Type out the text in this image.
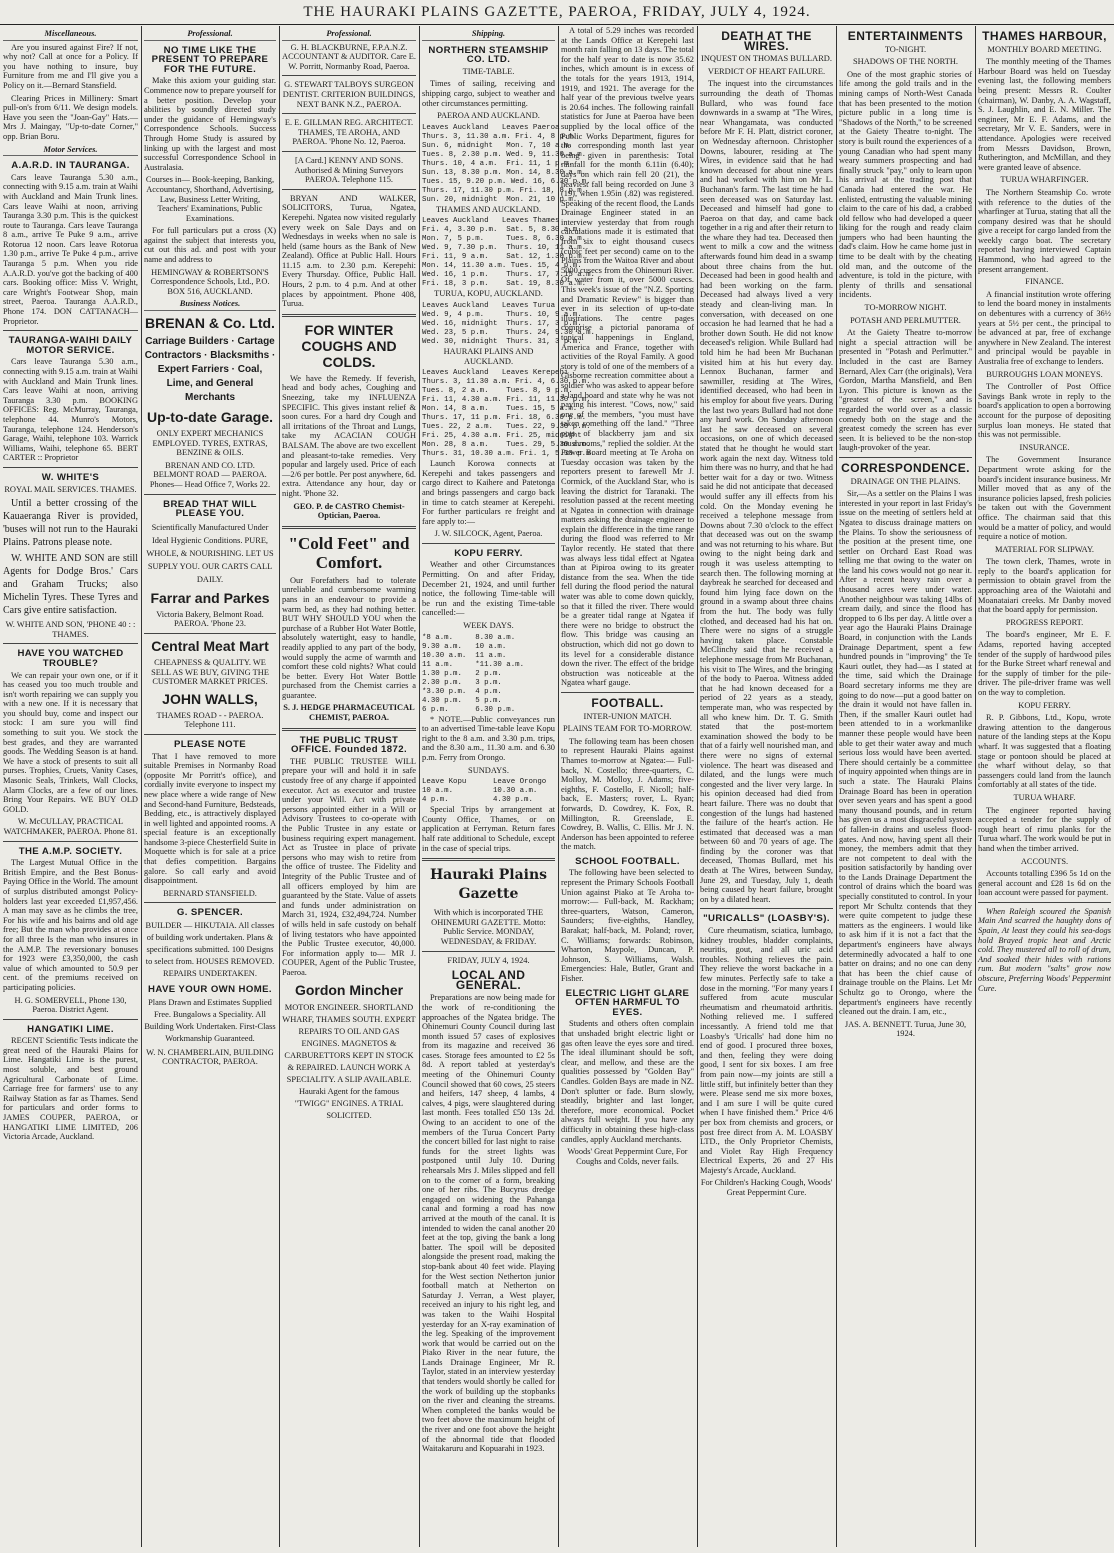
THE HAURAKI PLAINS GAZETTE, PAEROA, FRIDAY, JULY 4, 1924.
Miscellaneous.

Are you insured against Fire? If not, why not? Call at once for a Policy. If you have nothing to insure, buy Furniture from me and I'll give you a Policy on it.—Bernard Stansfield.

Clearing Prices in Millinery: Smart pull-on's from 6/11. We design models. Have you seen the "Joan-Gay" Hats.—Mrs J. Maingay, "Up-to-date Corner," opp. Brian Boru.

Motor Services.
A.A.R.D. IN TAURANGA.

Cars leave Tauranga 5.30 a.m., connecting with 9.15 a.m. train at Waihi with Auckland and Main Trunk lines. Cars leave Waihi at noon, arriving Tauranga 3.30 p.m. This is the quickest route to Tauranga. Cars leave Tauranga 8 a.m., arrive Te Puke 9 a.m., arrive Rotorua 12 noon. Cars leave Rotorua 1.30 p.m., arrive Te Puke 4 p.m., arrive Tauranga 5 p.m. When you ride A.A.R.D. you've got the backing of 400 cars. Booking office: Miss V. Wright, care Wright's Footwear Shop, main street, Paeroa. Tauranga A.A.R.D., Phone 174. DON CATTANACH—Proprietor.

TAURANGA-WAIHI DAILY MOTOR SERVICE.

Cars leave Tauranga 5.30 a.m., connecting with 9.15 a.m. train at Waihi with Auckland and Main Trunk lines. Cars leave Waihi at noon, arriving Tauranga 3.30 p.m. BOOKING OFFICES: Reg. McMurray, Tauranga, telephone 44. Munro's Motors, Tauranga, telephone 124. Henderson's Garage, Waihi, telephone 103. Warrick Williams, Waihi, telephone 65. BERT CARTER :: Proprietor

W. WHITE'S

ROYAL MAIL SERVICES. THAMES.

Until a better crossing of the Kauaeranga River is provided, 'buses will not run to the Hauraki Plains. Patrons please note.

W. WHITE AND SON are still Agents for Dodge Bros.' Cars and Graham Trucks; also Michelin Tyres. These Tyres and Cars give entire satisfaction.

W. WHITE AND SON, 'PHONE 40 : : THAMES.

HAVE YOU WATCHED TROUBLE?

We can repair your own one, or if it has ceased you too much trouble and isn't worth repairing we can supply you with a new one. If it is necessary that you should buy, come and inspect our stock: I am sure you will find something to suit you. We stock the best grades, and they are warranted goods. The Wedding Season is at hand. We have a stock of presents to suit all purses. Trophies, Cruets, Vanity Cases, Masonic Seals, Trinkets, Wall Clocks, Alarm Clocks, are a few of our lines. Bring Your Repairs. WE BUY OLD GOLD.

W. McCULLAY, PRACTICAL WATCHMAKER, PAEROA. Phone 81.

THE A.M.P. SOCIETY.

The Largest Mutual Office in the British Empire, and the Best Bonus-Paying Office in the World. The amount of surplus distributed amongst Policy-holders last year exceeded £1,957,456. A man may save as he climbs the tree, For his wife and his bairns and old age free; But the man who provides at once for all three Is the man who insures in the A.M.P. The reversionary bonuses for 1923 were £3,350,000, the cash value of which amounted to 50.9 per cent. of the premiums received on participating policies.

H. G. SOMERVELL, Phone 130, Paeroa. District Agent.

HANGATIKI LIME.

RECENT Scientific Tests indicate the great need of the Hauraki Plains for Lime. Hangatiki Lime is the purest, most soluble, and best ground Agricultural Carbonate of Lime. Carriage free for farmers' use to any Railway Station as far as Thames. Send for particulars and order forms to JAMES COUPER, PAEROA, or HANGATIKI LIME LIMITED, 206 Victoria Arcade, Auckland.

Professional.
NO TIME LIKE THE PRESENT TO PREPARE FOR THE FUTURE.

Make this axiom your guiding star. Commence now to prepare yourself for a better position. Develop your abilities by soundly directed study under the guidance of Hemingway's Correspondence Schools. Success Through Home Study is assured by linking up with the largest and most successful Correspondence School in Australasia.

Courses in— Book-keeping, Banking, Accountancy, Shorthand, Advertising, Law, Business Letter Writing, Teachers' Examinations, Public Examinations.

For full particulars put a cross (X) against the subject that interests you, cut out this ad. and post with your name and address to

HEMINGWAY & ROBERTSON'S Correspondence Schools, Ltd., P.O. BOX 516, AUCKLAND.

Business Notices.
BRENAN & Co. Ltd.

Carriage Builders · Cartage Contractors · Blacksmiths · Expert Farriers · Coal, Lime, and General Merchants

Up-to-date Garage.

ONLY EXPERT MECHANICS EMPLOYED. TYRES, EXTRAS, BENZINE & OILS.

BRENAN AND CO. LTD. BELMONT ROAD — PAEROA. Phones— Head Office 7, Works 22.

BREAD THAT WILL PLEASE YOU.

Scientifically Manufactured Under Ideal Hygienic Conditions. PURE, WHOLE, & NOURISHING. LET US SUPPLY YOU. OUR CARTS CALL DAILY.

Farrar and Parkes

Victoria Bakery, Belmont Road. PAEROA. 'Phone 23.

Central Meat Mart

CHEAPNESS & QUALITY. WE SELL AS WE BUY, GIVING THE CUSTOMER MARKET PRICES.

JOHN WALLS,

THAMES ROAD - - PAEROA. Telephone 111.

PLEASE NOTE

That I have removed to more suitable Premises in Normanby Road (opposite Mr Porritt's office), and cordially invite everyone to inspect my new place where a wide range of New and Second-hand Furniture, Bedsteads, Bedding, etc., is attractively displayed in well lighted and appointed rooms. A special feature is an exceptionally handsome 3-piece Chesterfield Suite in Moquette which is for sale at a price that defies competition. Bargains galore. So call early and avoid disappointment.

BERNARD STANSFIELD.

G. SPENCER.

BUILDER — HIKUTAIA. All classes of building work undertaken. Plans & specifications submitted. 100 Designs to select from. HOUSES REMOVED. REPAIRS UNDERTAKEN.

HAVE YOUR OWN HOME.

Plans Drawn and Estimates Supplied Free. Bungalows a Speciality. All Building Work Undertaken. First-Class Workmanship Guaranteed.

W. N. CHAMBERLAIN, BUILDING CONTRACTOR, PAEROA.

Professional.

G. H. BLACKBURNE, F.P.A.N.Z. ACCOUNTANT & AUDITOR. Care E. W. Porritt, Normanby Road, Paeroa.

G. STEWART TALBOYS SURGEON DENTIST. CRITERION BUILDINGS, NEXT BANK N.Z., PAEROA.

E. E. GILLMAN REG. ARCHITECT. THAMES, TE AROHA, AND PAEROA. 'Phone No. 12, Paeroa.

[A Card.] KENNY AND SONS. Authorised & Mining Surveyors PAEROA. Telephone 115.

BRYAN AND WALKER, SOLICITORS, Turua, Ngatea, Kerepehi. Ngatea now visited regularly every week on Sale Days and on Wednesdays in weeks when no sale is held (same hours as the Bank of New Zealand). Office at Public Hall. Hours 11.15 a.m. to 2.30 p.m. Kerepehi: Every Thursday. Office, Public Hall. Hours, 2 p.m. to 4 p.m. And at other places by appointment. Phone 408, Turua.

FOR WINTER COUGHS AND COLDS.

We have the Remedy. If feverish, head and body aches, Coughing and Sneezing, take my INFLUENZA SPECIFIC. This gives instant relief & soon cures. For a hard dry Cough and all irritations of the Throat and Lungs, take my ACACIAN COUGH BALSAM. The above are two excellent and pleasant-to-take remedies. Very popular and largely used. Price of each—2/6 per bottle. Per post anywhere, 6d. extra. Attendance any hour, day or night. 'Phone 32.

GEO. P. de CASTRO Chemist-Optician, Paeroa.

"Cold Feet" and Comfort.

Our Forefathers had to tolerate unreliable and cumbersome warming pans in an endeavour to provide a warm bed, as they had nothing better. BUT WHY SHOULD YOU when the purchase of a Rubber Hot Water Bottle, absolutely watertight, easy to handle, readily applied to any part of the body, would supply the acme of warmth and comfort these cold nights? What could be better. Every Hot Water Bottle purchased from the Chemist carries a guarantee.

S. J. HEDGE PHARMACEUTICAL CHEMIST, PAEROA.

THE PUBLIC TRUST OFFICE. Founded 1872.

THE PUBLIC TRUSTEE WILL prepare your will and hold it in safe custody free of any charge if appointed executor. Act as executor and trustee under your Will. Act with private persons appointed either in a Will or Advisory Trustees to co-operate with the Public Trustee in any estate or business requiring expert management. Act as Trustee in place of private persons who may wish to retire from the office of trustee. The Fidelity and Integrity of the Public Trustee and of all officers employed by him are guaranteed by the State. Value of assets and funds under administration on March 31, 1924, £32,494,724. Number of wills held in safe custody on behalf of living testators who have appointed the Public Trustee executor, 40,000. For information apply to— MR J. COUPER, Agent of the Public Trustee, Paeroa.

Gordon Mincher

MOTOR ENGINEER. SHORTLAND WHARF, THAMES SOUTH. EXPERT REPAIRS TO OIL AND GAS ENGINES. MAGNETOS & CARBURETTORS KEPT IN STOCK & REPAIRED. LAUNCH WORK A SPECIALITY. A SLIP AVAILABLE. Hauraki Agent for the famous "TWIGG" ENGINES. A TRIAL SOLICITED.

Shipping.
NORTHERN STEAMSHIP CO. LTD.

TIME-TABLE.

Times of sailing, receiving and shipping cargo, subject to weather and other circumstances permitting.

PAEROA AND AUCKLAND.

Leaves Auckland   Leaves Paeroa
Thurs. 3, 11.30 a.m. Fri. 4, 8 p.m.
Sun. 6, midnight   Mon. 7, 10 a.m.
Tues. 8, 2.30 p.m. Wed. 9, 11.30 a.m.
Thurs. 10, 4 a.m.  Fri. 11, 1 p.m.
Sun. 13, 8.30 p.m. Mon. 14, 8.30 a.m.
Tues. 15, 9.20 p.m. Wed. 16, 6.30 p.m.
Thurs. 17, 11.30 p.m. Fri. 18, 8 p.m.
Sun. 20, midnight  Mon. 21, 10 p.m.

THAMES AND AUCKLAND.

Leaves Auckland   Leaves Thames
Fri. 4, 3.30 p.m.  Sat. 5, 8.30 a.m.
Mon. 7, 5 p.m.     Tues. 8, 6.30 a.m.
Wed. 9, 7.30 p.m.  Thurs. 10, 11 a.m.
Fri. 11, 9 a.m.    Sat. 12, 1.30 p.m.
Mon. 14, 11.30 a.m. Tues. 15, 4 p.m.
Wed. 16, 1 p.m.    Thurs. 17, 7.15 a.m.
Fri. 18, 3 p.m.    Sat. 19, 8.30 a.m.

TURUA, KOPU, AUCKLAND.

Leaves Auckland   Leaves Turua
Wed. 9, 4 p.m.     Thurs. 10, 9 a.m.
Wed. 16, midnight  Thurs. 17, 3 p.m.
Wed. 23, 5 p.m.    Thurs. 24, 9.30 a.m.
Wed. 30, midnight  Thurs. 31, 3 p.m.

HAURAKI PLAINS AND AUCKLAND.

Leaves Auckland   Leaves Kerepehi
Thurs. 3, 11.30 a.m. Fri. 4, 6.30 p.m.
Tues. 8, 2 a.m.    Tues. 8, 9 p.m.
Fri. 11, 4.30 a.m. Fri. 11, 11.30 p.m.
Mon. 14, 8 a.m.    Tues. 15, 5 a.m.
Thurs. 17, 11 p.m. Fri. 18, 6.30 p.m.
Tues. 22, 2 a.m.   Tues. 22, 9.30 p.m.
Fri. 25, 4.30 a.m. Fri. 25, midnight
Mon. 28, 8 a.m.    Tues. 29, 5.30 a.m.
Thurs. 31, 10.30 a.m. Fri. 1, 5.30 p.m.

Launch Korowa connects at Kerepehi and takes passengers and cargo direct to Kaihere and Patetonga and brings passengers and cargo back in time to catch steamer at Kerepehi. For further particulars re freight and fare apply to:—

J. W. SILCOCK, Agent, Paeroa.

KOPU FERRY.

Weather and other Circumstances Permitting. On and after Friday, December 21, 1924, and until further notice, the following Time-table will be run and the existing Time-table cancelled:—

WEEK DAYS.

*8 a.m.     8.30 a.m.
9.30 a.m.   10 a.m.
10.30 a.m.  11 a.m.
11 a.m.     *11.30 a.m.
1.30 p.m.   2 p.m.
2.30 p.m.   3 p.m.
*3.30 p.m.  4 p.m.
4.30 p.m.   5 p.m.
6 p.m.      6.30 p.m.

* NOTE.—Public conveyances run to an advertised Time-table leave Kopu right to the 8 a.m. and 3.30 p.m. trips, and the 8.30 a.m., 11.30 a.m. and 6.30 p.m. Ferry from Orongo.

SUNDAYS.

Leave Kopu      Leave Orongo
10 a.m.         10.30 a.m.
4 p.m.          4.30 p.m.

Special Trips by arrangement at County Office, Thames, or on application at Ferryman. Return fares half rate additional to Schedule, except in the case of special trips.

Hauraki Plains Gazette

With which is incorporated THE OHINEMURI GAZETTE. Motto: Public Service. MONDAY, WEDNESDAY, & FRIDAY.

FRIDAY, JULY 4, 1924.

LOCAL AND GENERAL.

Preparations are now being made for the work of re-conditioning the approaches of the Ngatea bridge. The Ohinemuri County Council during last month issued 57 cases of explosives from its magazine and received 36 cases. Storage fees amounted to £2 5s 8d. A report tabled at yesterday's meeting of the Ohinemuri County Council showed that 60 cows, 25 steers and heifers, 147 sheep, 4 lambs, 4 calves, 4 pigs, were slaughtered during last month. Fees totalled £50 13s 2d. Owing to an accident to one of the members of the Turua Concert Party the concert billed for last night to raise funds for the street lights was postponed until July 10. During rehearsals Mrs J. Miles slipped and fell on to the corner of a form, breaking one of her ribs. The Bucyrus dredge engaged on widening the Pahanga canal and forming a road has now arrived at the mouth of the canal. It is intended to widen the canal another 20 feet at the top, giving the bank a long batter. The spoil will be deposited alongside the present road, making the stop-bank about 40 feet wide. Playing for the West section Netherton junior football match at Netherton on Saturday J. Verran, a West player, received an injury to his right leg, and was taken to the Waihi Hospital yesterday for an X-ray examination of the leg. Speaking of the improvement work that would be carried out on the Piako River in the near future, the Lands Drainage Engineer, Mr R. Taylor, stated in an interview yesterday that tenders would shortly be called for the work of building up the stopbanks on the river and cleaning the streams. When completed the banks would be two feet above the maximum height of the river and one foot above the height of the abnormal tide that flooded Waitakaruru and Kopuarahi in 1923.

A total of 5.29 inches was recorded at the Lands Office at Kerepehi last month rain falling on 13 days. The total for the half year to date is now 35.62 inches, which amount is in excess of the totals for the years 1913, 1914, 1919, and 1921. The average for the half year of the previous twelve years is 20.64 inches. The following rainfall statistics for June at Paeroa have been supplied by the local office of the Public Works Department, figures for the corresponding month last year being given in parenthesis: Total rainfall for the month 6.11in (6.40); days on which rain fell 20 (21), the heaviest fall being recorded on June 3 (19), when 1.95in (.82) was registered. Speaking of the recent flood, the Lands Drainage Engineer stated in an interview yesterday that from rough calculations made it is estimated that from six to eight thousand cusecs (cubic feet per second) came on to the Plains from the Waitoa River and about 5000 cusecs from the Ohinemuri River. Of water from it, over 5000 cusecs. This week's issue of the "N.Z. Sporting and Dramatic Review" is bigger than ever in its selection of up-to-date illustrations. The centre pages comprise a pictorial panorama of topical happenings in England, America and France, together with activities of the Royal Family. A good story is told of one of the members of a Gisborne recreation committee about a soldier who was asked to appear before a land board and state why he was not paying his interest. "Cows, now," said one of the members, "you must have taken something off the land." "Three pots of blackberry jam and six mushrooms," replied the soldier. At the Power Board meeting at Te Aroha on Tuesday occasion was taken by the reporters present to farewell Mr J. Cormick, of the Auckland Star, who is leaving the district for Taranaki. The resolution passed at the recent meeting at Ngatea in connection with drainage matters asking the drainage engineer to explain the difference in the time range during the flood was referred to Mr Taylor recently. He stated that there was always less tidal effect at Ngatea than at Pipiroa owing to its greater distance from the sea. When the tide fell during the flood period the natural water was able to come down quickly, so that it filled the river. There would be a greater tidal range at Ngatea if there were no bridge to obstruct the flow. This bridge was causing an obstruction, which did not go down to its level for a considerable distance down the river. The effect of the bridge obstruction was noticeable at the Ngatea wharf gauge.

FOOTBALL.

INTER-UNION MATCH.

PLAINS TEAM FOR TO-MORROW.

The following team has been chosen to represent Hauraki Plains against Thames to-morrow at Ngatea:— Full-back, N. Costello; three-quarters, C. Molloy, M. Molloy, J. Adams; five-eighths, F. Costello, F. Nicoll; half-back, E. Masters; rover, L. Ryan; forwards, D. Cowdrey, K. Fox, R. Millington, R. Greenslade, E. Cowdrey, B. Wallis, C. Ellis. Mr J. N. Anderson has been appointed to referee the match.

SCHOOL FOOTBALL.

The following have been selected to represent the Primary Schools Football Union against Piako at Te Aroha to-morrow:— Full-back, M. Rackham; three-quarters, Watson, Cameron, Saunders; five-eighths, Handley, Barakat; half-back, M. Poland; rover, C. Williams; forwards: Robinson, Wharton, Maypole, Duncan, P. Johnson, S. Williams, Walsh. Emergencies: Hale, Butler, Grant and Fisher.

ELECTRIC LIGHT GLARE OFTEN HARMFUL TO EYES.

Students and others often complain that unshaded bright electric light or gas often leave the eyes sore and tired. The ideal illuminant should be soft, clear, and mellow, and these are the qualities possessed by "Golden Bay" Candles. Golden Bays are made in NZ. Don't splutter or fade. Burn slowly, steadily, brighter and last longer, therefore, more economical. Pocket always full weight. If you have any difficulty in obtaining these high-class candles, apply Auckland merchants.

Woods' Great Peppermint Cure, For Coughs and Colds, never fails.

DEATH AT THE WIRES.

INQUEST ON THOMAS BULLARD.

VERDICT OF HEART FAILURE.

The inquest into the circumstances surrounding the death of Thomas Bullard, who was found face downwards in a swamp at "The Wires, near Whangamata, was conducted before Mr F. H. Platt, district coroner, on Wednesday afternoon. Christopher Downs, labourer, residing at The Wires, in evidence said that he had known deceased for about nine years and had worked with him on Mr L. Buchanan's farm. The last time he had seen deceased was on Saturday last. Deceased and himself had gone to Paeroa on that day, and came back together in a rig and after their return to the whare they had tea. Deceased then went to milk a cow and the witness afterwards found him dead in a swamp about three chains from the hut. Deceased had been in good health and had been working on the farm. Deceased had always lived a very steady and clean-living man. In conversation, with deceased on one occasion he had learned that he had a brother down South. He did not know deceased's religion. While Bullard had told him he had been Mr Buchanan visited him at his hut every day. Lennox Buchanan, farmer and sawmiller, residing at The Wires, identified deceased, who had been in his employ for about five years. During the last two years Bullard had not done any hard work. On Sunday afternoon last he saw deceased on several occasions, on one of which deceased stated that he thought he would start work again the next day. Witness told him there was no hurry, and that he had better wait for a day or two. Witness said he did not anticipate that deceased would suffer any ill effects from his cold. On the Monday evening he received a telephone message from Downs about 7.30 o'clock to the effect that deceased was out on the swamp and was not returning to his whare. But owing to the night being dark and rough it was useless attempting to search then. The following morning at daybreak he searched for deceased and found him lying face down on the ground in a swamp about three chains from the hut. The body was fully clothed, and deceased had his hat on. There were no signs of a struggle having taken place. Constable McClinchy said that he received a telephone message from Mr Buchanan, his visit to The Wires, and the bringing of the body to Paeroa. Witness added that he had known deceased for a period of 22 years as a steady, temperate man, who was respected by all who knew him. Dr. T. G. Smith stated that the post-mortem examination showed the body to be that of a fairly well nourished man, and there were no signs of external violence. The heart was diseased and dilated, and the lungs were much congested and the liver very large. In his opinion deceased had died from heart failure. There was no doubt that congestion of the lungs had hastened the failure of the heart's action. He estimated that deceased was a man between 60 and 70 years of age. The finding by the coroner was that deceased, Thomas Bullard, met his death at The Wires, between Sunday, June 29, and Tuesday, July 1, death being caused by heart failure, brought on by a dilated heart.

"URICALLS" (LOASBY'S).

Cure rheumatism, sciatica, lumbago, kidney troubles, bladder complaints, neuritis, gout, and all uric acid troubles. Nothing relieves the pain. They relieve the worst backache in a few minutes. Perfectly safe to take a dose in the morning. "For many years I suffered from acute muscular rheumatism and rheumatoid arthritis. Nothing relieved me. I suffered incessantly. A friend told me that Loasby's 'Uricalls' had done him no end of good. I procured three boxes, and then, feeling they were doing good, I sent for six boxes. I am free from pain now—my joints are still a little stiff, but infinitely better than they were. Please send me six more boxes, and I am sure I will be quite cured when I have finished them." Price 4/6 per box from chemists and grocers, or post free direct from A. M. LOASBY LTD., the Only Proprietor Chemists, and Violet Ray High Frequency Electrical Experts, 26 and 27 His Majesty's Arcade, Auckland.

For Children's Hacking Cough, Woods' Great Peppermint Cure.

ENTERTAINMENTS

TO-NIGHT.

SHADOWS OF THE NORTH.

One of the most graphic stories of life among the gold trails and in the mining camps of North-West Canada that has been presented to the motion picture public in a long time is "Shadows of the North," to be screened at the Gaiety Theatre to-night. The story is built round the experiences of a young Canadian who had spent many weary summers prospecting and had finally struck "pay," only to learn upon his arrival at the trading post that Canada had entered the war. He enlisted, entrusting the valuable mining claim to the care of his dad, a crabbed old fellow who had developed a queer liking for the rough and ready claim jumpers who had been haunting the dad's claim. How he came home just in time to be dealt with by the cheating old man, and the outcome of the adventure, is told in the picture, with plenty of thrills and sensational incidents.

TO-MORROW NIGHT.

POTASH AND PERLMUTTER.

At the Gaiety Theatre to-morrow night a special attraction will be presented in "Potash and Perlmutter." Included in the cast are Barney Bernard, Alex Carr (the originals), Vera Gordon, Martha Mansfield, and Ben Lyon. This picture is known as the "greatest of the screen," and is regarded the world over as a classic comedy both on the stage and the greatest comedy the screen has ever seen. It is believed to be the non-stop laugh-provoker of the year.

CORRESPONDENCE.

DRAINAGE ON THE PLAINS.

Sir,—As a settler on the Plains I was interested in your report in last Friday's issue on the meeting of settlers held at Ngatea to discuss drainage matters on the Plains. To show the seriousness of the position at the present time, one settler on Orchard East Road was telling me that owing to the water on the land his cows would not go near it. After a recent heavy rain over a thousand acres were under water. Another neighbour was taking 14lbs of cream daily, and since the flood has dropped to 6 lbs per day. A little over a year ago the Hauraki Plains Drainage Board, in conjunction with the Lands Drainage Department, spent a few hundred pounds in "improving" the Te Kauri outlet, they had—as I stated at the time, said which the Drainage Board secretary informs me they are going to do now—put a good batter on the drain it would not have fallen in. Then, if the smaller Kauri outlet had been attended to in a workmanlike manner these people would have been able to get their water away and much serious loss would have been averted. There should certainly be a committee of inquiry appointed when things are in such a state. The Hauraki Plains Drainage Board has been in operation over seven years and has spent a good many thousand pounds, and in return has given us a most disgraceful system of fallen-in drains and useless flood-gates. And now, having spent all their money, the members admit that they are not competent to deal with the position satisfactorily by handing over to the Lands Drainage Department the control of drains which the board was specially constituted to control. In your report Mr Schultz contends that they were quite competent to judge these matters as the engineers. I would like to ask him if it is not a fact that the department's engineers have always determinedly advocated a half to one batter on drains; and no one can deny that has been the chief cause of drainage trouble on the Plains. Let Mr Schultz go to Orongo, where the department's engineers have recently cleaned out the drain. I am, etc.,

JAS. A. BENNETT. Turua, June 30, 1924.

THAMES HARBOUR,

MONTHLY BOARD MEETING.

The monthly meeting of the Thames Harbour Board was held on Tuesday evening last, the following members being present: Messrs R. Coulter (chairman), W. Danby, A. A. Wagstaff, S. J. Laughlin, and E. N. Miller. The engineer, Mr E. F. Adams, and the secretary, Mr V. E. Sanders, were in attendance. Apologies were received from Messrs Davidson, Brown, Rutherington, and McMillan, and they were granted leave of absence.

TURUA WHARFINGER.

The Northern Steamship Co. wrote with reference to the duties of the wharfinger at Turua, stating that all the company desired was that he should give a receipt for cargo landed from the weekly cargo boat. The secretary reported having interviewed Captain Hammond, who had agreed to the present arrangement.

FINANCE.

A financial institution wrote offering to lend the board money in instalments on debentures with a currency of 36½ years at 5½ per cent., the principal to be advanced at par, free of exchange anywhere in New Zealand. The interest and principal would be payable in Australia free of exchange to lenders.

BURROUGHS LOAN MONEYS.

The Controller of Post Office Savings Bank wrote in reply to the board's application to open a borrowing account for the purpose of depositing surplus loan moneys. He stated that this was not permissible.

INSURANCE.

The Government Insurance Department wrote asking for the board's incident insurance business. Mr Miller moved that as any of the insurance policies lapsed, fresh policies be taken out with the Government office. The chairman said that this would be a matter of policy, and would require a notice of motion.

MATERIAL FOR SLIPWAY.

The town clerk, Thames, wrote in reply to the board's application for permission to obtain gravel from the approaching area of the Waiotahi and Moanataiari creeks. Mr Danby moved that the board apply for permission.

PROGRESS REPORT.

The board's engineer, Mr E. F. Adams, reported having accepted tender of the supply of hardwood piles for the Burke Street wharf renewal and for the supply of timber for the pile-driver. The pile-driver frame was well on the way to completion.

KOPU FERRY.

R. P. Gibbons, Ltd., Kopu, wrote drawing attention to the dangerous nature of the landing steps at the Kopu wharf. It was suggested that a floating stage or pontoon should be placed at the wharf without delay, so that passengers could land from the launch comfortably at all states of the tide.

TURUA WHARF.

The engineer reported having accepted a tender for the supply of rough heart of rimu planks for the Turua wharf. The work would be put in hand when the timber arrived.

ACCOUNTS.

Accounts totalling £396 5s 1d on the general account and £28 1s 6d on the loan account were passed for payment.

When Raleigh scoured the Spanish Main And scarred the haughty dons of Spain, At least they could his sea-dogs hold Brayed tropic heat and Arctic cold. They mustered all to roll of drum, And soaked their hides with rations rum. But modern "salts" grow now obscure, Preferring Woods' Peppermint Cure.
